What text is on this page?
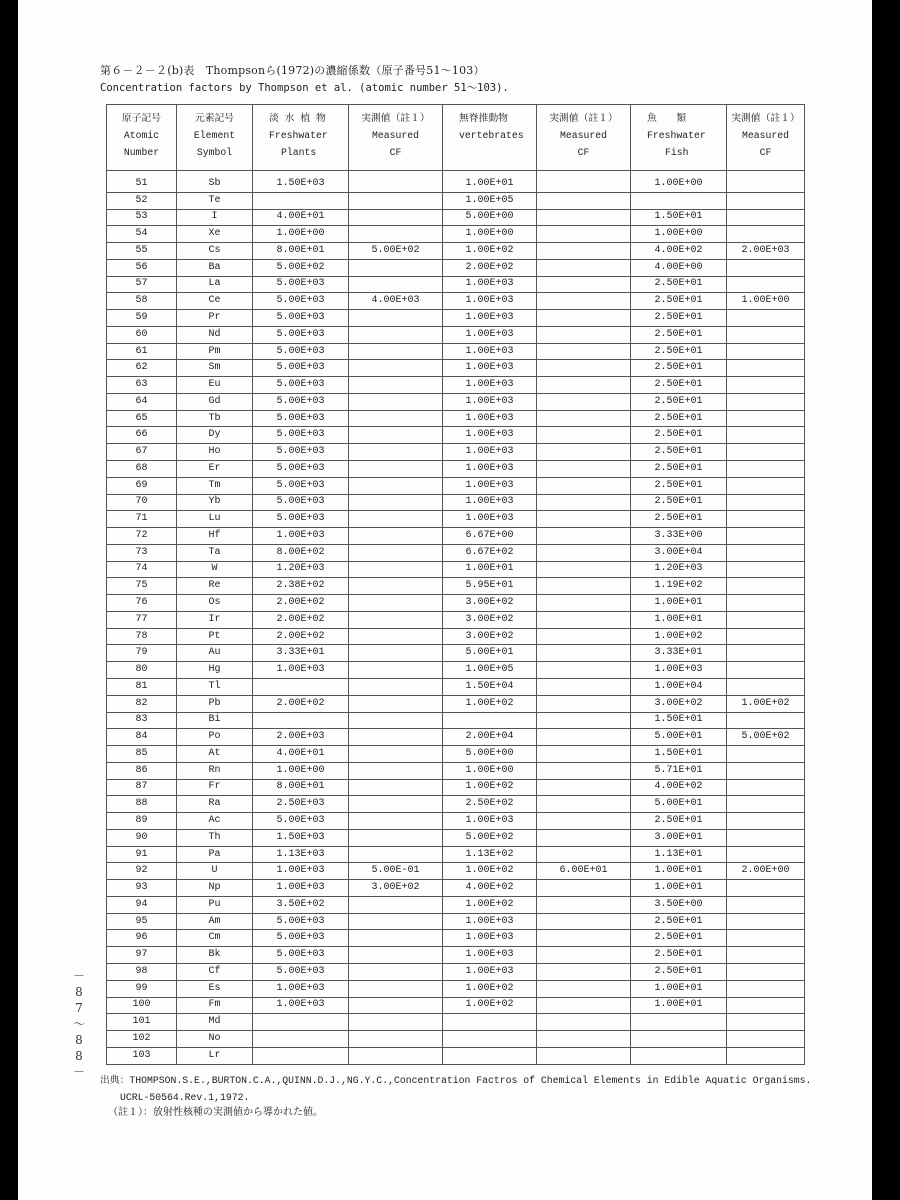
第６－２－２(b)表　Thompsonら(1972)の濃縮係数（原子番号51～103）
Concentration factors by Thompson et al. (atomic number 51～103).
原子記号
Atomic
Number	元素記号
Element
Symbol	淡 水 植 物
Freshwater
Plants	実測値（註１）
Measured
CF	無脊推動物
vertebrates	実測値（註１）
Measured
CF	魚　　類
Freshwater
Fish	実測値（註１）
Measured
CF

51	Sb	1.50E+03		1.00E+01		1.00E+00	
52	Te			1.00E+05			
53	I	4.00E+01		5.00E+00		1.50E+01	
54	Xe	1.00E+00		1.00E+00		1.00E+00	
55	Cs	8.00E+01	5.00E+02	1.00E+02		4.00E+02	2.00E+03
56	Ba	5.00E+02		2.00E+02		4.00E+00	
57	La	5.00E+03		1.00E+03		2.50E+01	
58	Ce	5.00E+03	4.00E+03	1.00E+03		2.50E+01	1.00E+00
59	Pr	5.00E+03		1.00E+03		2.50E+01	
60	Nd	5.00E+03		1.00E+03		2.50E+01	
61	Pm	5.00E+03		1.00E+03		2.50E+01	
62	Sm	5.00E+03		1.00E+03		2.50E+01	
63	Eu	5.00E+03		1.00E+03		2.50E+01	
64	Gd	5.00E+03		1.00E+03		2.50E+01	
65	Tb	5.00E+03		1.00E+03		2.50E+01	
66	Dy	5.00E+03		1.00E+03		2.50E+01	
67	Ho	5.00E+03		1.00E+03		2.50E+01	
68	Er	5.00E+03		1.00E+03		2.50E+01	
69	Tm	5.00E+03		1.00E+03		2.50E+01	
70	Yb	5.00E+03		1.00E+03		2.50E+01	
71	Lu	5.00E+03		1.00E+03		2.50E+01	
72	Hf	1.00E+03		6.67E+00		3.33E+00	
73	Ta	8.00E+02		6.67E+02		3.00E+04	
74	W	1.20E+03		1.00E+01		1.20E+03	
75	Re	2.38E+02		5.95E+01		1.19E+02	
76	Os	2.00E+02		3.00E+02		1.00E+01	
77	Ir	2.00E+02		3.00E+02		1.00E+01	
78	Pt	2.00E+02		3.00E+02		1.00E+02	
79	Au	3.33E+01		5.00E+01		3.33E+01	
80	Hg	1.00E+03		1.00E+05		1.00E+03	
81	Tl			1.50E+04		1.00E+04	
82	Pb	2.00E+02		1.00E+02		3.00E+02	1.00E+02
83	Bi					1.50E+01	
84	Po	2.00E+03		2.00E+04		5.00E+01	5.00E+02
85	At	4.00E+01		5.00E+00		1.50E+01	
86	Rn	1.00E+00		1.00E+00		5.71E+01	
87	Fr	8.00E+01		1.00E+02		4.00E+02	
88	Ra	2.50E+03		2.50E+02		5.00E+01	
89	Ac	5.00E+03		1.00E+03		2.50E+01	
90	Th	1.50E+03		5.00E+02		3.00E+01	
91	Pa	1.13E+03		1.13E+02		1.13E+01	
92	U	1.00E+03	5.00E-01	1.00E+02	6.00E+01	1.00E+01	2.00E+00
93	Np	1.00E+03	3.00E+02	4.00E+02		1.00E+01	
94	Pu	3.50E+02		1.00E+02		3.50E+00	
95	Am	5.00E+03		1.00E+03		2.50E+01	
96	Cm	5.00E+03		1.00E+03		2.50E+01	
97	Bk	5.00E+03		1.00E+03		2.50E+01	
98	Cf	5.00E+03		1.00E+03		2.50E+01	
99	Es	1.00E+03		1.00E+02		1.00E+01	
100	Fm	1.00E+03		1.00E+02		1.00E+01	
101	Md						
102	No						
103	Lr						
出典：THOMPSON.S.E.,BURTON.C.A.,QUINN.D.J.,NG.Y.C.,Concentration Factros of Chemical Elements in Edible Aquatic Organisms.
UCRL-50564.Rev.1,1972.
（註１）：放射性核種の実測値から導かれた値。
－
8
7
～
8
8
－
